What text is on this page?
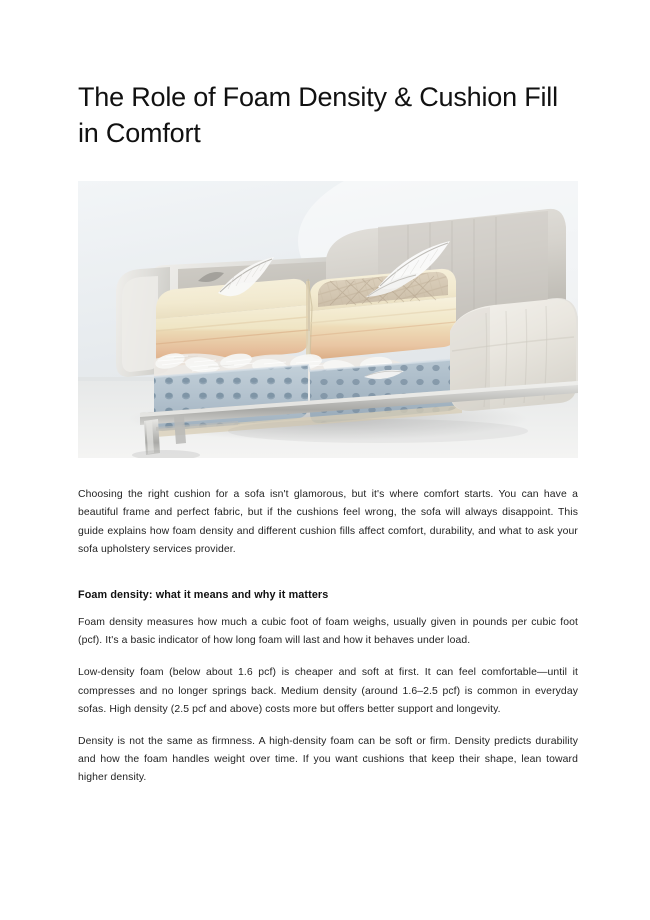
The Role of Foam Density & Cushion Fill in Comfort

Choosing the right cushion for a sofa isn't glamorous, but it's where comfort starts. You can have a beautiful frame and perfect fabric, but if the cushions feel wrong, the sofa will always disappoint. This guide explains how foam density and different cushion fills affect comfort, durability, and what to ask your sofa upholstery services provider.

Foam density: what it means and why it matters

Foam density measures how much a cubic foot of foam weighs, usually given in pounds per cubic foot (pcf). It's a basic indicator of how long foam will last and how it behaves under load.

Low-density foam (below about 1.6 pcf) is cheaper and soft at first. It can feel comfortable—until it compresses and no longer springs back. Medium density (around 1.6–2.5 pcf) is common in everyday sofas. High density (2.5 pcf and above) costs more but offers better support and longevity.

Density is not the same as firmness. A high-density foam can be soft or firm. Density predicts durability and how the foam handles weight over time. If you want cushions that keep their shape, lean toward higher density.
